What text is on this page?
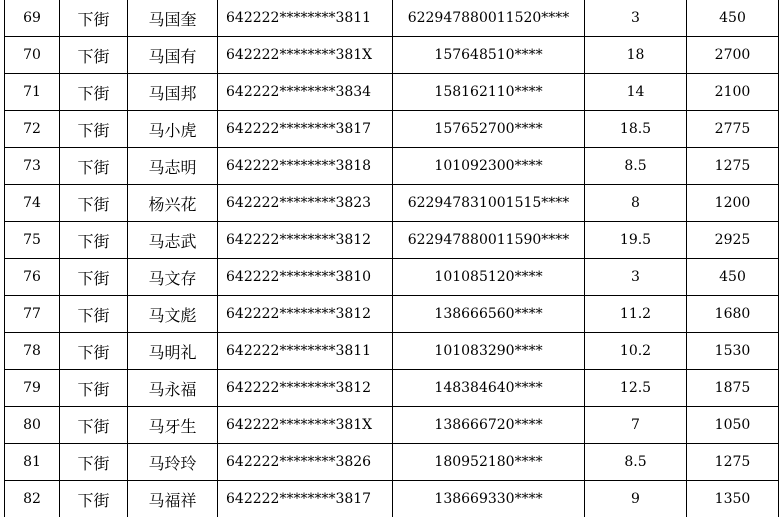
69	下街	马国奎	642222********3811	622947880011520****	3	450
70	下街	马国有	642222********381X	157648510****	18	2700
71	下街	马国邦	642222********3834	158162110****	14	2100
72	下街	马小虎	642222********3817	157652700****	18.5	2775
73	下街	马志明	642222********3818	101092300****	8.5	1275
74	下街	杨兴花	642222********3823	622947831001515****	8	1200
75	下街	马志武	642222********3812	622947880011590****	19.5	2925
76	下街	马文存	642222********3810	101085120****	3	450
77	下街	马文彪	642222********3812	138666560****	11.2	1680
78	下街	马明礼	642222********3811	101083290****	10.2	1530
79	下街	马永福	642222********3812	148384640****	12.5	1875
80	下街	马牙生	642222********381X	138666720****	7	1050
81	下街	马玲玲	642222********3826	180952180****	8.5	1275
82	下街	马福祥	642222********3817	138669330****	9	1350
